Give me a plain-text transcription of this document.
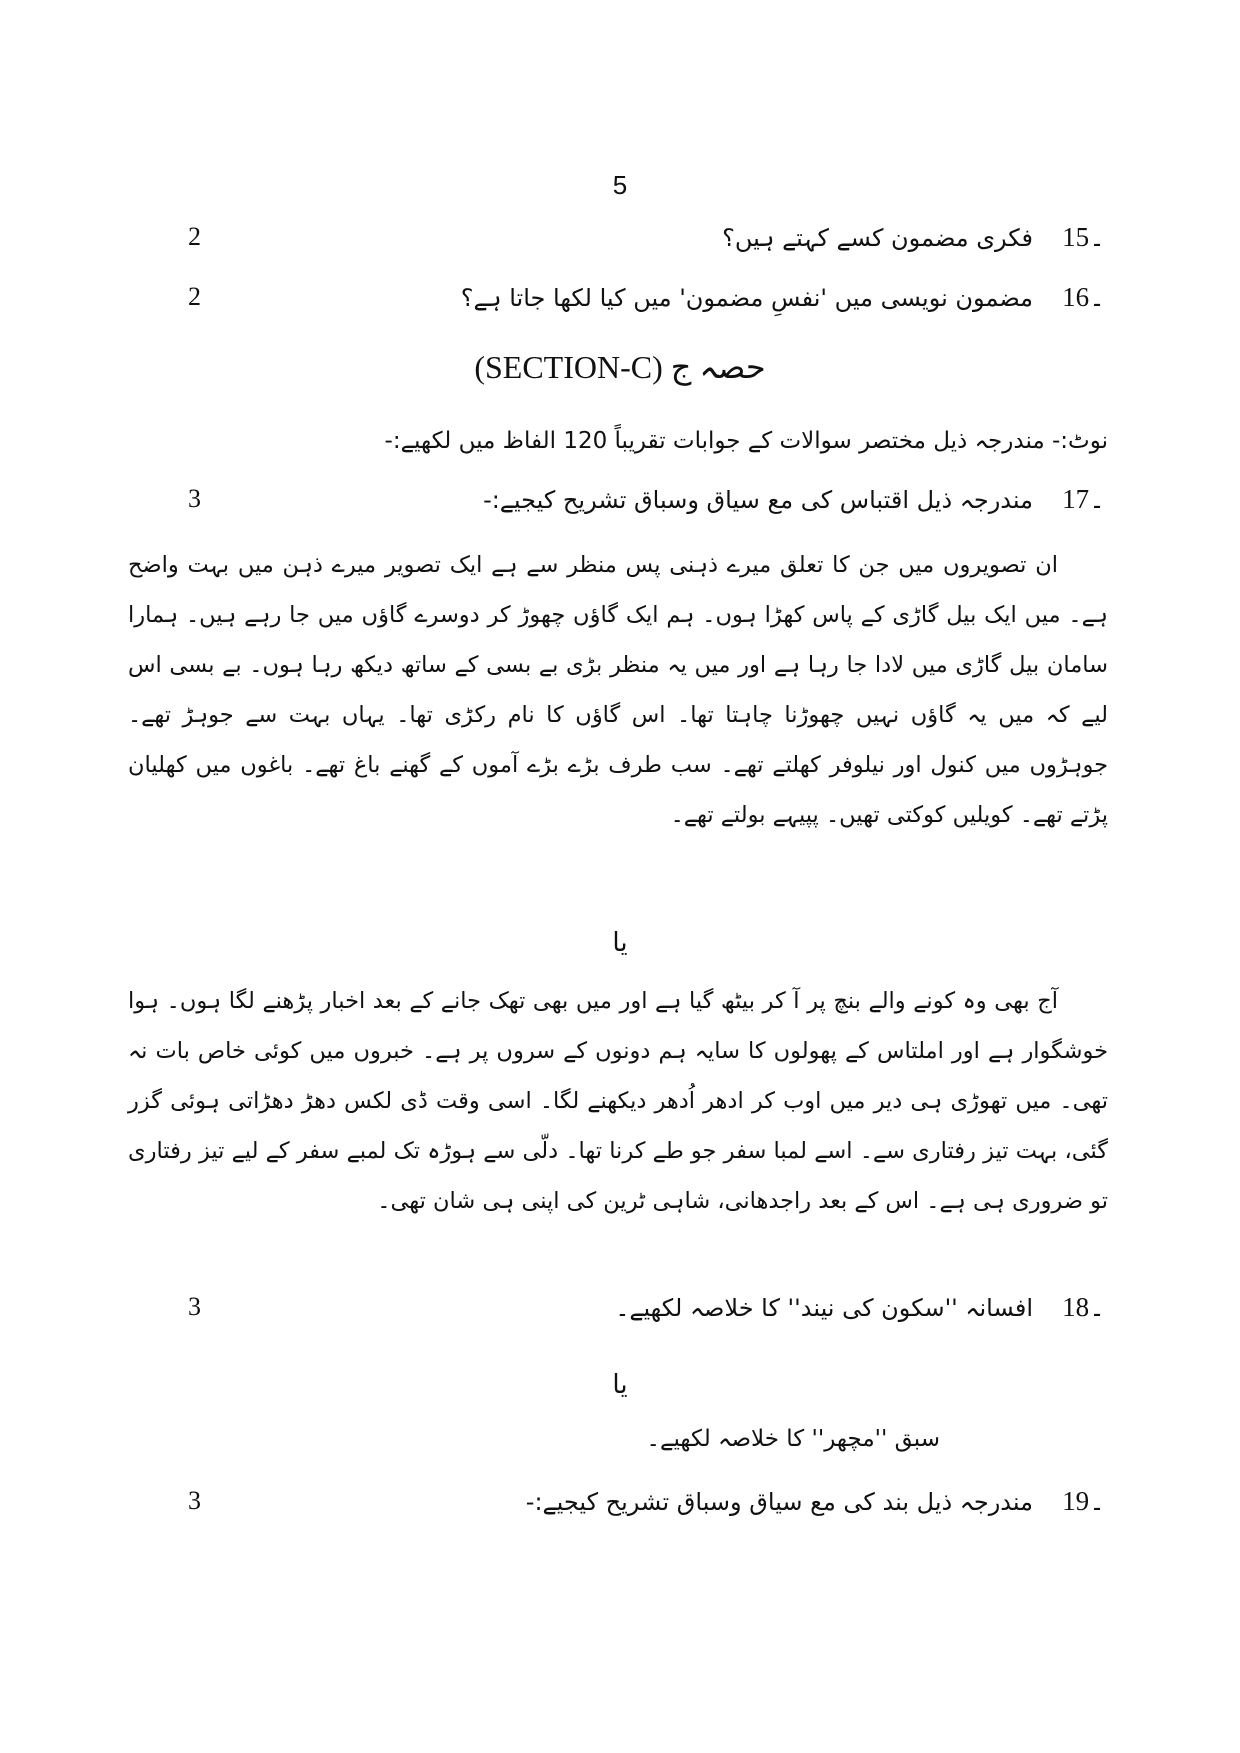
5
2	15۔
فکری مضمون کسے کہتے ہیں؟
2	16۔
مضمون نویسی میں 'نفسِ مضمون' میں کیا لکھا جاتا ہے؟
حصہ ج (SECTION-C)
نوٹ:- مندرجہ ذیل مختصر سوالات کے جوابات تقریباً 120 الفاظ میں لکھیے:-
3	17۔
مندرجہ ذیل اقتباس کی مع سیاق وسباق تشریح کیجیے:-

ان تصویروں میں جن کا تعلق میرے ذہنی پس منظر سے ہے ایک تصویر میرے ذہن میں بہت واضح ہے۔ میں ایک بیل گاڑی کے پاس کھڑا ہوں۔ ہم ایک گاؤں چھوڑ کر دوسرے گاؤں میں جا رہے ہیں۔ ہمارا سامان بیل گاڑی میں لادا جا رہا ہے اور میں یہ منظر بڑی بے بسی کے ساتھ دیکھ رہا ہوں۔ بے بسی اس لیے کہ میں یہ گاؤں نہیں چھوڑنا چاہتا تھا۔ اس گاؤں کا نام رکڑی تھا۔ یہاں بہت سے جوہڑ تھے۔ جوہڑوں میں کنول اور نیلوفر کھلتے تھے۔ سب طرف بڑے بڑے آموں کے گھنے باغ تھے۔ باغوں میں کھلیان پڑتے تھے۔ کویلیں کوکتی تھیں۔ پپیہے بولتے تھے۔

یا

آج بھی وہ کونے والے بنچ پر آ کر بیٹھ گیا ہے اور میں بھی تھک جانے کے بعد اخبار پڑھنے لگا ہوں۔ ہوا خوشگوار ہے اور املتاس کے پھولوں کا سایہ ہم دونوں کے سروں پر ہے۔ خبروں میں کوئی خاص بات نہ تھی۔ میں تھوڑی ہی دیر میں اوب کر ادھر اُدھر دیکھنے لگا۔ اسی وقت ڈی لکس دھڑ دھڑاتی ہوئی گزر گئی، بہت تیز رفتاری سے۔ اسے لمبا سفر جو طے کرنا تھا۔ دلّی سے ہوڑہ تک لمبے سفر کے لیے تیز رفتاری تو ضروری ہی ہے۔ اس کے بعد راجدھانی، شاہی ٹرین کی اپنی ہی شان تھی۔

3	18۔
افسانہ ''سکون کی نیند'' کا خلاصہ لکھیے۔
یا
سبق ''مچھر'' کا خلاصہ لکھیے۔
3	19۔
مندرجہ ذیل بند کی مع سیاق وسباق تشریح کیجیے:-
